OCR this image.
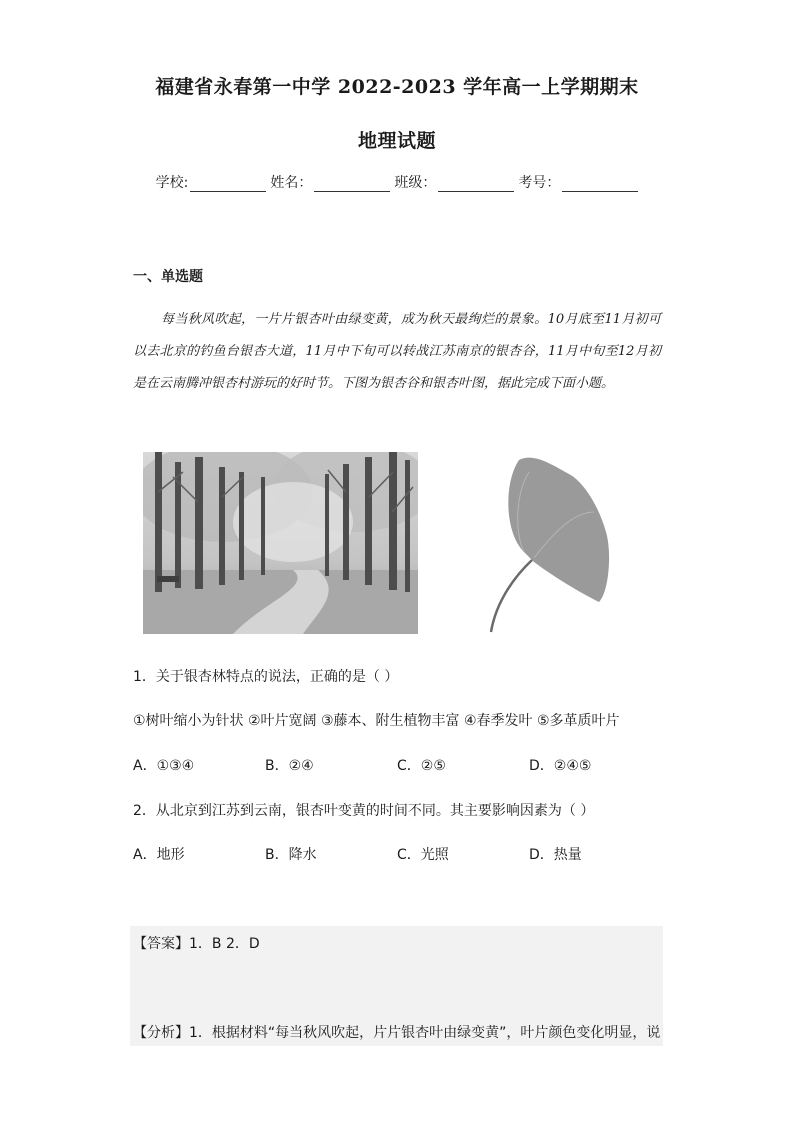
福建省永春第一中学 2022-2023 学年高一上学期期末
地理试题
学校:	姓名：	班级：	考号：
一、单选题
每当秋风吹起，一片片银杏叶由绿变黄，成为秋天最绚烂的景象。10月底至11月初可以去北京的钓鱼台银杏大道，11月中下旬可以转战江苏南京的银杏谷，11月中旬至12月初是在云南腾冲银杏村游玩的好时节。下图为银杏谷和银杏叶图，据此完成下面小题。
1．关于银杏林特点的说法，正确的是（ ）
①树叶缩小为针状 ②叶片宽阔 ③藤本、附生植物丰富 ④春季发叶 ⑤多革质叶片
A．①③④	B．②④	C．②⑤	D．②④⑤
2．从北京到江苏到云南，银杏叶变黄的时间不同。其主要影响因素为（ ）
A．地形	B．降水	C．光照	D．热量
【答案】1．B 2．D
【分析】1．根据材料“每当秋风吹起，片片银杏叶由绿变黄”，叶片颜色变化明显，说
